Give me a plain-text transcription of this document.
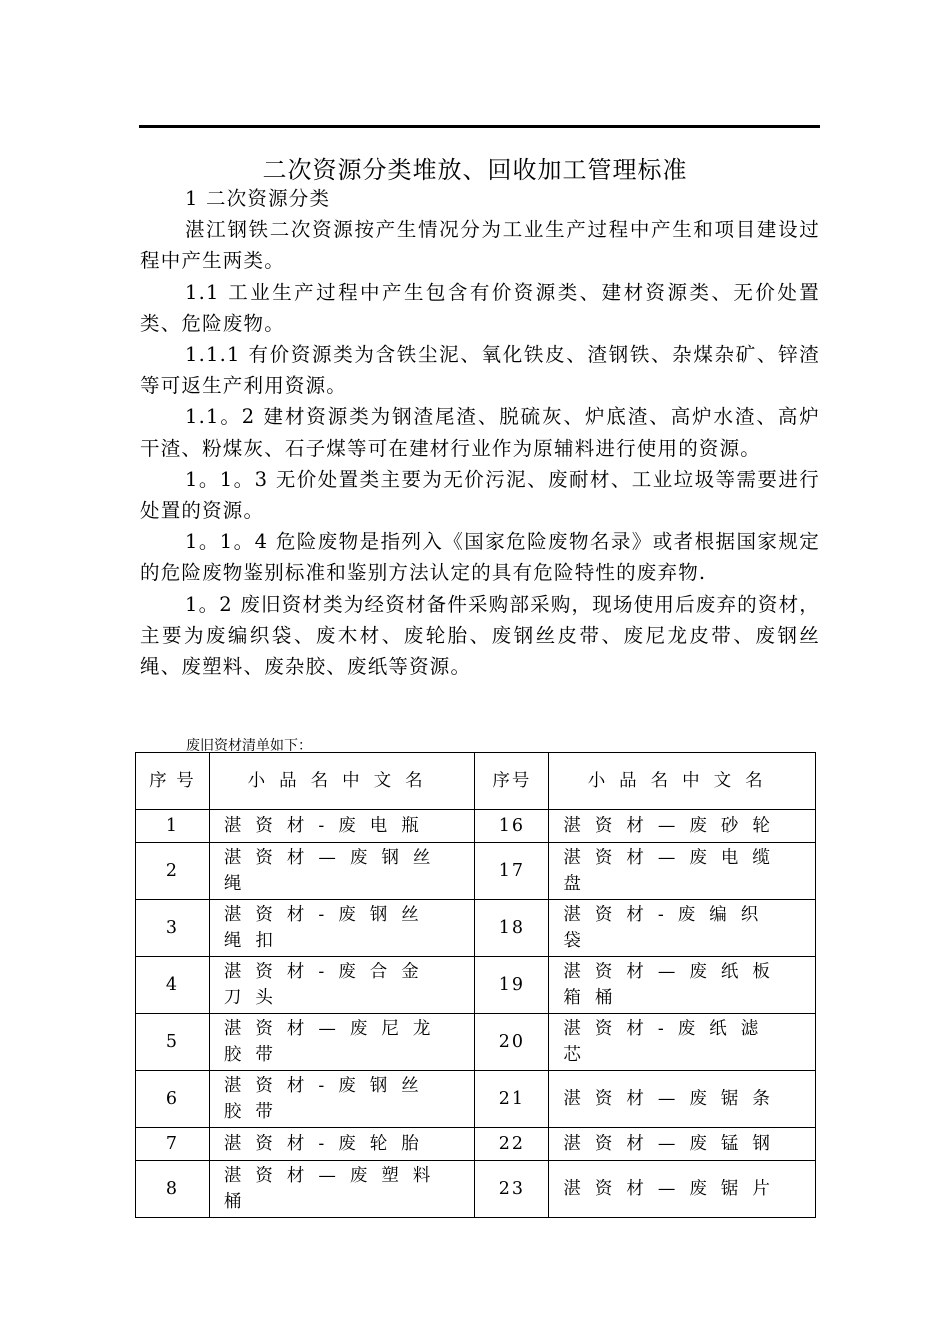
二次资源分类堆放、回收加工管理标准

1 二次资源分类

湛江钢铁二次资源按产生情况分为工业生产过程中产生和项目建设过程中产生两类。

1.1 工业生产过程中产生包含有价资源类、建材资源类、无价处置类、危险废物。

1.1.1 有价资源类为含铁尘泥、氧化铁皮、渣钢铁、杂煤杂矿、锌渣等可返生产利用资源。

1.1。2 建材资源类为钢渣尾渣、脱硫灰、炉底渣、高炉水渣、高炉干渣、粉煤灰、石子煤等可在建材行业作为原辅料进行使用的资源。

1。1。3 无价处置类主要为无价污泥、废耐材、工业垃圾等需要进行处置的资源。

1。1。4 危险废物是指列入《国家危险废物名录》或者根据国家规定的危险废物鉴别标准和鉴别方法认定的具有危险特性的废弃物.

1。2 废旧资材类为经资材备件采购部采购，现场使用后废弃的资材，主要为废编织袋、废木材、废轮胎、废钢丝皮带、废尼龙皮带、废钢丝绳、废塑料、废杂胶、废纸等资源。

废旧资材清单如下：
序 号	小品名中文名	序号	小品名中文名
1	湛资材-废电瓶	16	湛资材—废砂轮
2	湛资材—废钢丝绳	17	湛资材—废电缆盘
3	湛资材-废钢丝绳扣	18	湛资材-废编织袋
4	湛资材-废合金刀头	19	湛资材—废纸板箱桶
5	湛资材—废尼龙胶带	20	湛资材-废纸滤芯
6	湛资材-废钢丝胶带	21	湛资材—废锯条
7	湛资材-废轮胎	22	湛资材—废锰钢
8	湛资材—废塑料桶	23	湛资材—废锯片
